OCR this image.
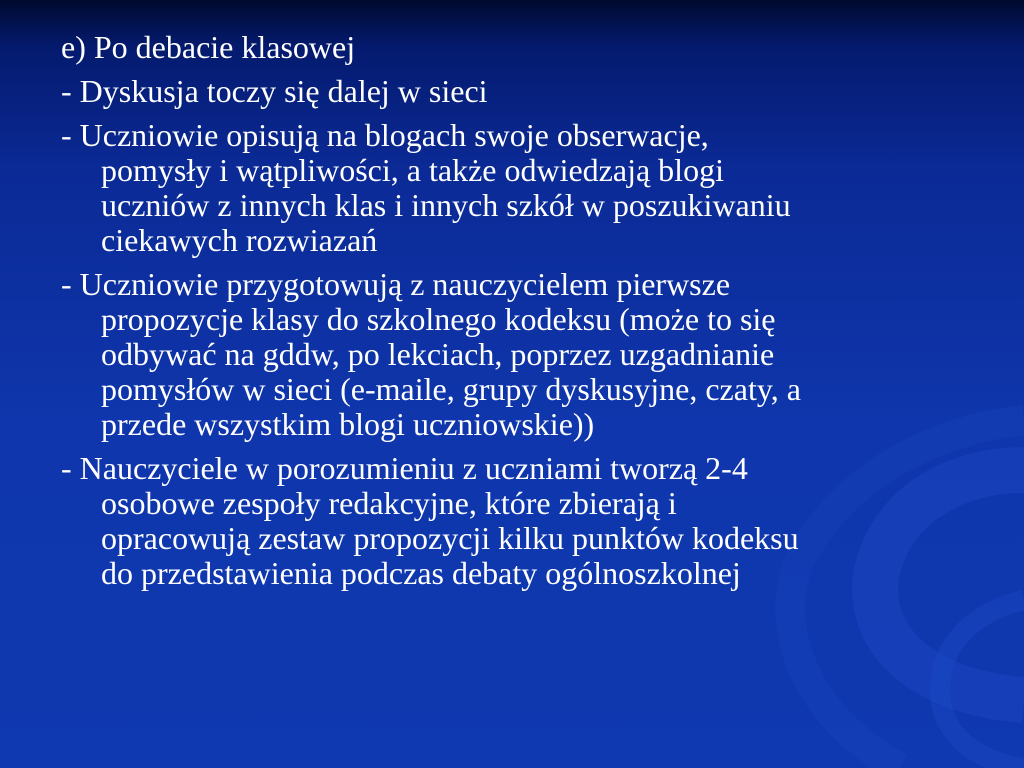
e) Po debacie klasowej

- Dyskusja toczy się dalej w sieci

- Uczniowie opisują na blogach swoje obserwacje,
pomysły i wątpliwości, a także odwiedzają blogi
uczniów z innych klas i innych szkół w poszukiwaniu
ciekawych rozwiazań

- Uczniowie przygotowują z nauczycielem pierwsze
propozycje klasy do szkolnego kodeksu (może to się
odbywać na gddw, po lekciach, poprzez uzgadnianie
pomysłów w sieci (e-maile, grupy dyskusyjne, czaty, a
przede wszystkim blogi uczniowskie))

- Nauczyciele w porozumieniu z uczniami tworzą 2-4
osobowe zespoły redakcyjne, które zbierają i
opracowują zestaw propozycji kilku punktów kodeksu
do przedstawienia podczas debaty ogólnoszkolnej
